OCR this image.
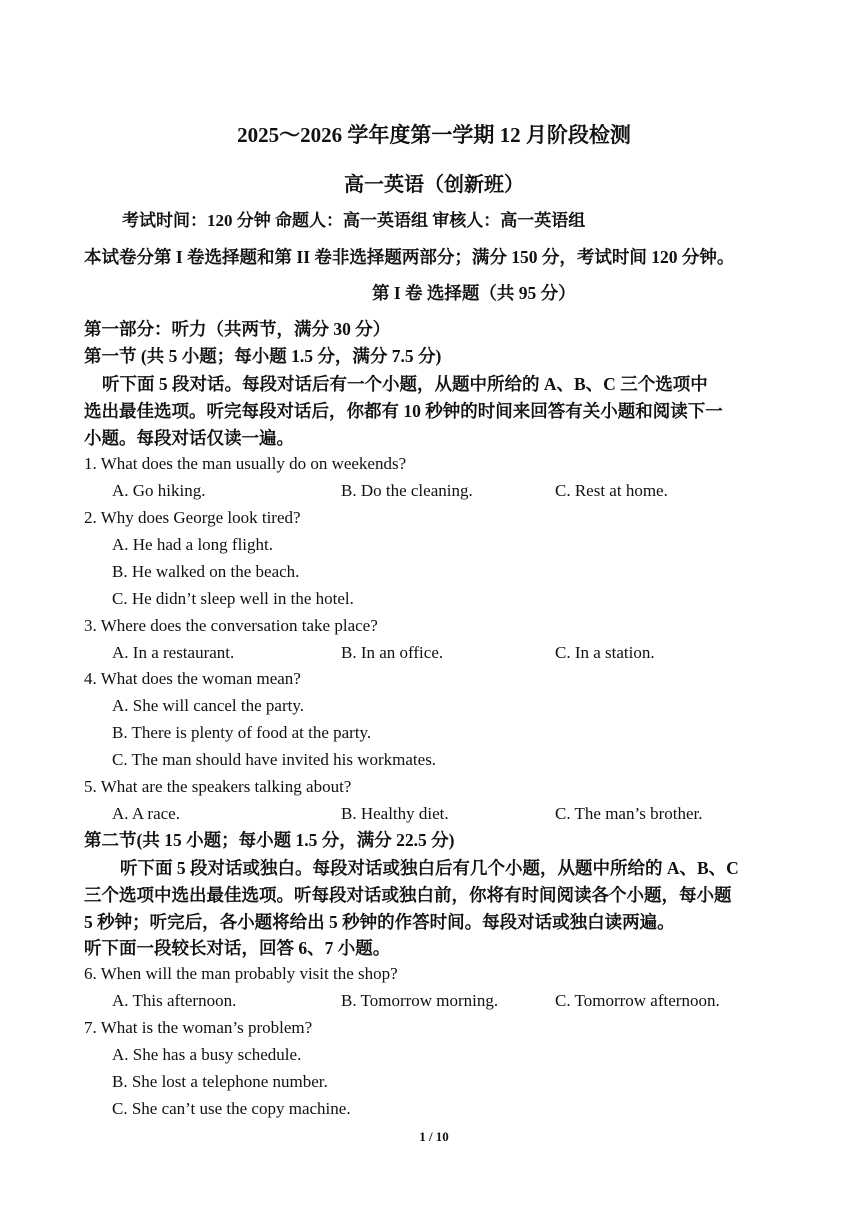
2025～2026 学年度第一学期 12 月阶段检测
高一英语（创新班）
考试时间：120 分钟 命题人：高一英语组 审核人：高一英语组
本试卷分第 I 卷选择题和第 II 卷非选择题两部分；满分 150 分，考试时间 120 分钟。
第 I 卷 选择题（共 95 分）
第一部分：听力（共两节，满分 30 分）
第一节 (共 5 小题；每小题 1.5 分，满分 7.5 分)
听下面 5 段对话。每段对话后有一个小题，从题中所给的 A、B、C 三个选项中
选出最佳选项。听完每段对话后，你都有 10 秒钟的时间来回答有关小题和阅读下一
小题。每段对话仅读一遍。
1. What does the man usually do on weekends?
A. Go hiking.	B. Do the cleaning.	C. Rest at home.
2. Why does George look tired?
A. He had a long flight.
B. He walked on the beach.
C. He didn’t sleep well in the hotel.
3. Where does the conversation take place?
A. In a restaurant.	B. In an office.	C. In a station.
4. What does the woman mean?
A. She will cancel the party.
B. There is plenty of food at the party.
C. The man should have invited his workmates.
5. What are the speakers talking about?
A. A race.	B. Healthy diet.	C. The man’s brother.
第二节(共 15 小题；每小题 1.5 分，满分 22.5 分)
听下面 5 段对话或独白。每段对话或独白后有几个小题，从题中所给的 A、B、C
三个选项中选出最佳选项。听每段对话或独白前，你将有时间阅读各个小题，每小题
5 秒钟；听完后，各小题将给出 5 秒钟的作答时间。每段对话或独白读两遍。
听下面一段较长对话，回答 6、7 小题。
6. When will the man probably visit the shop?
A. This afternoon.	B. Tomorrow morning.	C. Tomorrow afternoon.
7. What is the woman’s problem?
A. She has a busy schedule.
B. She lost a telephone number.
C. She can’t use the copy machine.
1 / 10
